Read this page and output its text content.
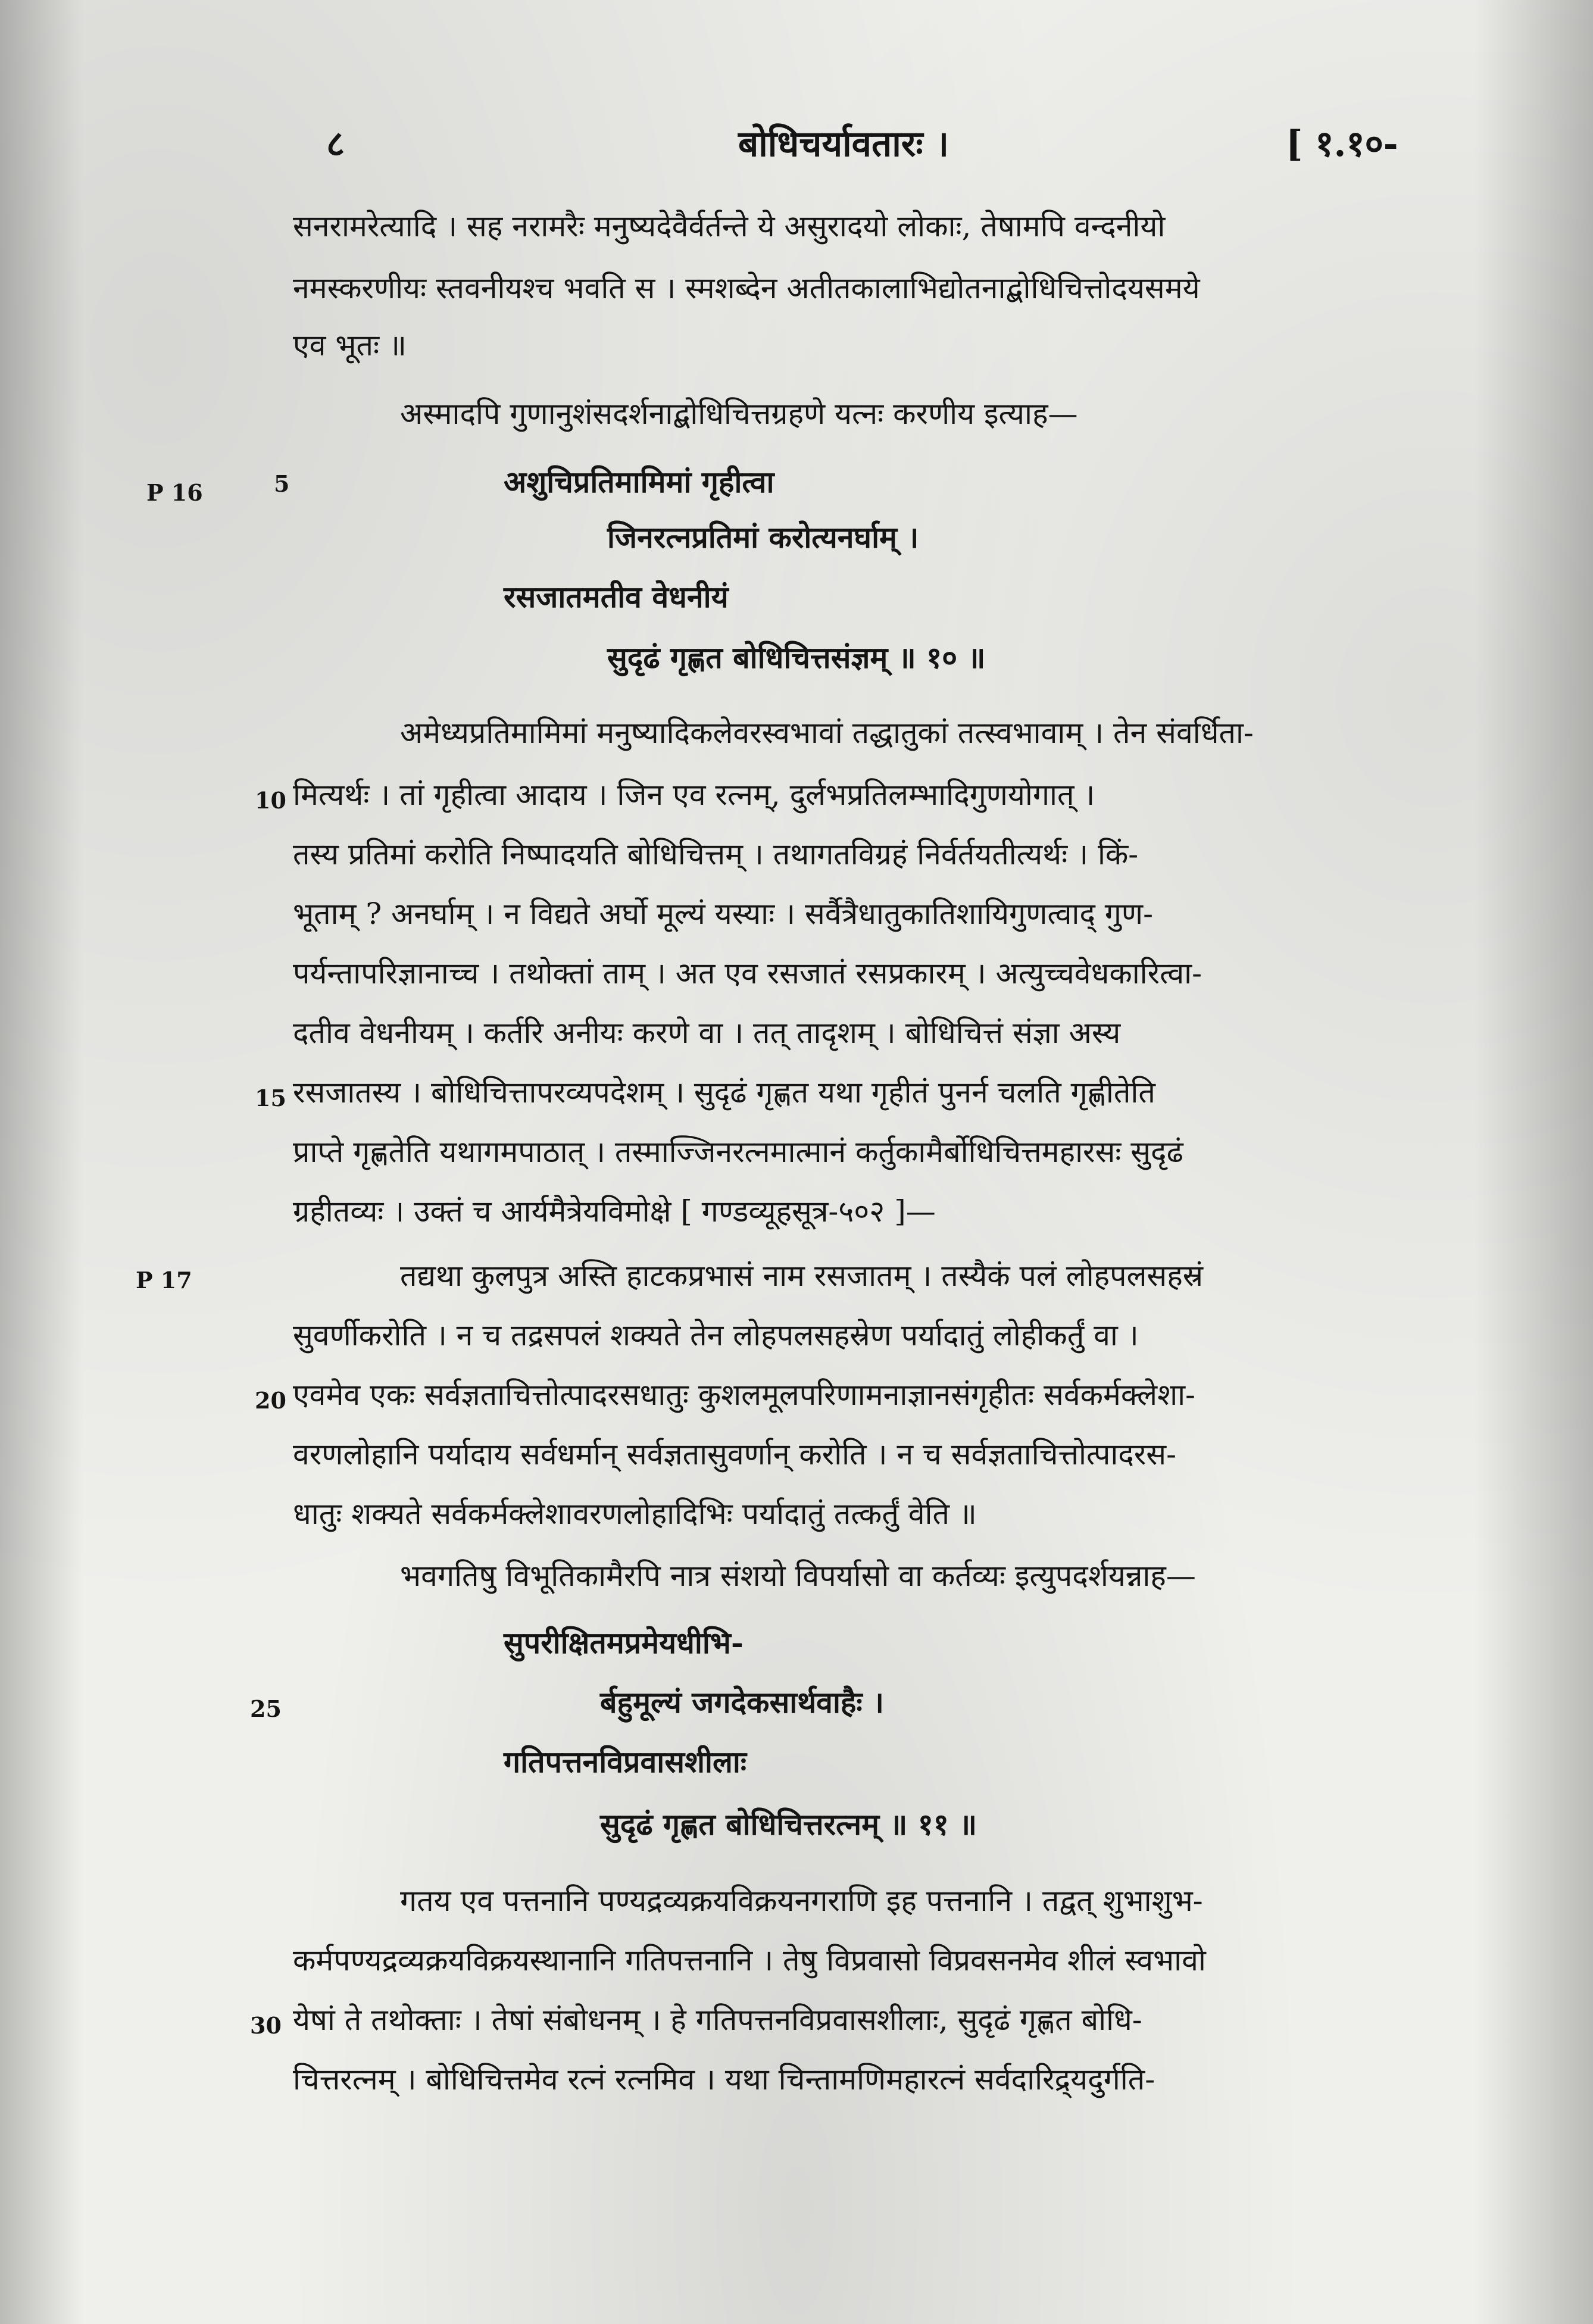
८	बोधिचर्यावतारः ।	[ १.१०-
सनरामरेत्यादि । सह नरामरैः मनुष्यदेवैर्वर्तन्ते ये असुरादयो लोकाः, तेषामपि वन्दनीयो
नमस्करणीयः स्तवनीयश्च भवति स । स्मशब्देन अतीतकालाभिद्योतनाद्बोधिचित्तोदयसमये
एव भूतः ॥
अस्मादपि गुणानुशंसदर्शनाद्बोधिचित्तग्रहणे यत्नः करणीय इत्याह—
P 16	5	अशुचिप्रतिमामिमां गृहीत्वा
जिनरत्नप्रतिमां करोत्यनर्घाम् ।
रसजातमतीव वेधनीयं
सुदृढं गृह्णत बोधिचित्तसंज्ञम् ॥ १० ॥
अमेध्यप्रतिमामिमां मनुष्यादिकलेवरस्वभावां तद्धातुकां तत्स्वभावाम् । तेन संवर्धिता-
10 मित्यर्थः । तां गृहीत्वा आदाय । जिन एव रत्नम्, दुर्लभप्रतिलम्भादिगुणयोगात् ।
तस्य प्रतिमां करोति निष्पादयति बोधिचित्तम् । तथागतविग्रहं निर्वर्तयतीत्यर्थः । किं-
भूताम् ? अनर्घाम् । न विद्यते अर्घो मूल्यं यस्याः । सर्वैत्रैधातुकातिशायिगुणत्वाद् गुण-
पर्यन्तापरिज्ञानाच्च । तथोक्तां ताम् । अत एव रसजातं रसप्रकारम् । अत्युच्चवेधकारित्वा-
दतीव वेधनीयम् । कर्तरि अनीयः करणे वा । तत् तादृशम् । बोधिचित्तं संज्ञा अस्य
15 रसजातस्य । बोधिचित्तापरव्यपदेशम् । सुदृढं गृह्णत यथा गृहीतं पुनर्न चलति गृह्णीतेति
प्राप्ते गृह्णतेति यथागमपाठात् । तस्माज्जिनरत्नमात्मानं कर्तुकामैर्बोधिचित्तमहारसः सुदृढं
ग्रहीतव्यः । उक्तं च आर्यमैत्रेयविमोक्षे [ गण्डव्यूहसूत्र-५०२ ]—
P 17	तद्यथा कुलपुत्र अस्ति हाटकप्रभासं नाम रसजातम् । तस्यैकं पलं लोहपलसहस्रं
सुवर्णीकरोति । न च तद्रसपलं शक्यते तेन लोहपलसहस्रेण पर्यादातुं लोहीकर्तुं वा ।
20 एवमेव एकः सर्वज्ञताचित्तोत्पादरसधातुः कुशलमूलपरिणामनाज्ञानसंगृहीतः सर्वकर्मक्लेशा-
वरणलोहानि पर्यादाय सर्वधर्मान् सर्वज्ञतासुवर्णान् करोति । न च सर्वज्ञताचित्तोत्पादरस-
धातुः शक्यते सर्वकर्मक्लेशावरणलोहादिभिः पर्यादातुं तत्कर्तुं वेति ॥
भवगतिषु विभूतिकामैरपि नात्र संशयो विपर्यासो वा कर्तव्यः इत्युपदर्शयन्नाह—
सुपरीक्षितमप्रमेयधीभि-
25	र्बहुमूल्यं जगदेकसार्थवाहैः ।
गतिपत्तनविप्रवासशीलाः
सुदृढं गृह्णत बोधिचित्तरत्नम् ॥ ११ ॥
गतय एव पत्तनानि पण्यद्रव्यक्रयविक्रयनगराणि इह पत्तनानि । तद्वत् शुभाशुभ-
कर्मपण्यद्रव्यक्रयविक्रयस्थानानि गतिपत्तनानि । तेषु विप्रवासो विप्रवसनमेव शीलं स्वभावो
30 येषां ते तथोक्ताः । तेषां संबोधनम् । हे गतिपत्तनविप्रवासशीलाः, सुदृढं गृह्णत बोधि-
चित्तरत्नम् । बोधिचित्तमेव रत्नं रत्नमिव । यथा चिन्तामणिमहारत्नं सर्वदारिद्र्यदुर्गति-
